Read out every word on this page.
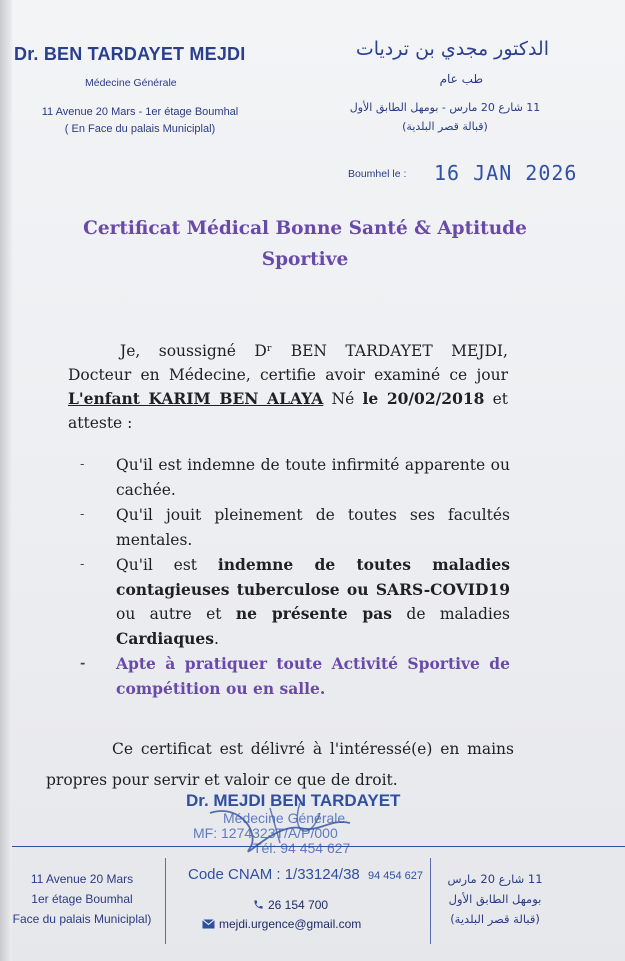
Dr. BEN TARDAYET MEJDI
Médecine Générale
11 Avenue 20 Mars - 1er étage Boumhal
( En Face du palais Municiplal)
الدكتور مجدي بن ترديات
طب عام
11 شارع 20 مارس - بومهل الطابق الأول
(قبالة قصر البلدية)
Boumhel le : 16 JAN 2026
Certificat Médical Bonne Santé & Aptitude
Sportive
Je, soussigné Dʳ BEN TARDAYET MEJDI, Docteur en Médecine, certifie avoir examiné ce jour L'enfant KARIM BEN ALAYA Né le 20/02/2018 et atteste :
- Qu'il est indemne de toute infirmité apparente ou cachée.
- Qu'il jouit pleinement de toutes ses facultés mentales.
- Qu'il est indemne de toutes maladies contagieuses tuberculose ou SARS-COVID19 ou autre et ne présente pas de maladies Cardiaques.
- Apte à pratiquer toute Activité Sportive de compétition ou en salle.
Ce certificat est délivré à l'intéressé(e) en mains propres pour servir et valoir ce que de droit.
Dr. MEJDI BEN TARDAYET
Médecine Générale
MF: 1274323T/A/P/000
Tél: 94 454 627
11 Avenue 20 Mars
1er étage Boumhal
Face du palais Municiplal)
Code CNAM : 1/33124/38 94 454 627
26 154 700
mejdi.urgence@gmail.com
11 شارع 20 مارس
بومهل الطابق الأول
(قبالة قصر البلدية)
